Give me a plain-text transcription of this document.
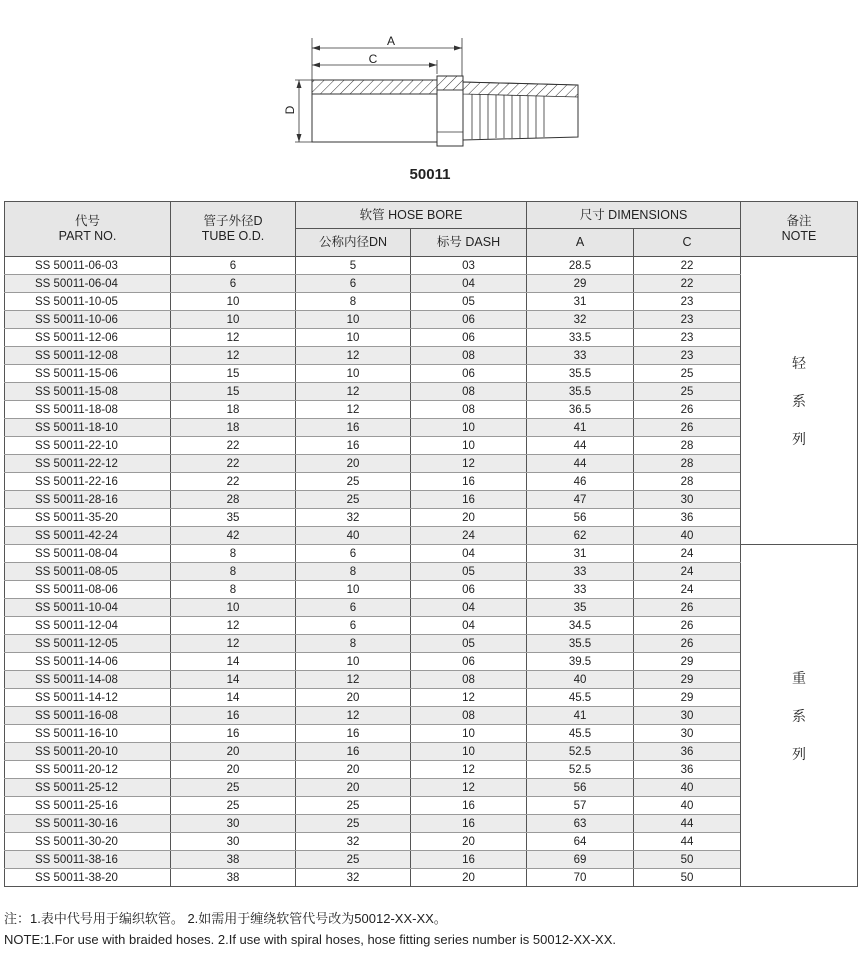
A
C
D
50011
代号
PART NO.	管子外径D
TUBE O.D.	软管 HOSE BORE		尺寸 DIMENSIONS		备注
NOTE

		公称内径DN	标号 DASH	A	C	
SS 50011-06-03	6	5	03	28.5	22	轻
系
列
SS 50011-06-04	6	6	04	29	22	
SS 50011-10-05	10	8	05	31	23	
SS 50011-10-06	10	10	06	32	23	
SS 50011-12-06	12	10	06	33.5	23	
SS 50011-12-08	12	12	08	33	23	
SS 50011-15-06	15	10	06	35.5	25	
SS 50011-15-08	15	12	08	35.5	25	
SS 50011-18-08	18	12	08	36.5	26	
SS 50011-18-10	18	16	10	41	26	
SS 50011-22-10	22	16	10	44	28	
SS 50011-22-12	22	20	12	44	28	
SS 50011-22-16	22	25	16	46	28	
SS 50011-28-16	28	25	16	47	30	
SS 50011-35-20	35	32	20	56	36	
SS 50011-42-24	42	40	24	62	40	
SS 50011-08-04	8	6	04	31	24	重
系
列
SS 50011-08-05	8	8	05	33	24	
SS 50011-08-06	8	10	06	33	24	
SS 50011-10-04	10	6	04	35	26	
SS 50011-12-04	12	6	04	34.5	26	
SS 50011-12-05	12	8	05	35.5	26	
SS 50011-14-06	14	10	06	39.5	29	
SS 50011-14-08	14	12	08	40	29	
SS 50011-14-12	14	20	12	45.5	29	
SS 50011-16-08	16	12	08	41	30	
SS 50011-16-10	16	16	10	45.5	30	
SS 50011-20-10	20	16	10	52.5	36	
SS 50011-20-12	20	20	12	52.5	36	
SS 50011-25-12	25	20	12	56	40	
SS 50011-25-16	25	25	16	57	40	
SS 50011-30-16	30	25	16	63	44	
SS 50011-30-20	30	32	20	64	44	
SS 50011-38-16	38	25	16	69	50	
SS 50011-38-20	38	32	20	70	50	
注：1.表中代号用于编织软管。 2.如需用于缠绕软管代号改为50012-XX-XX。
NOTE:1.For use with braided hoses. 2.If use with spiral hoses, hose fitting series number is 50012-XX-XX.
